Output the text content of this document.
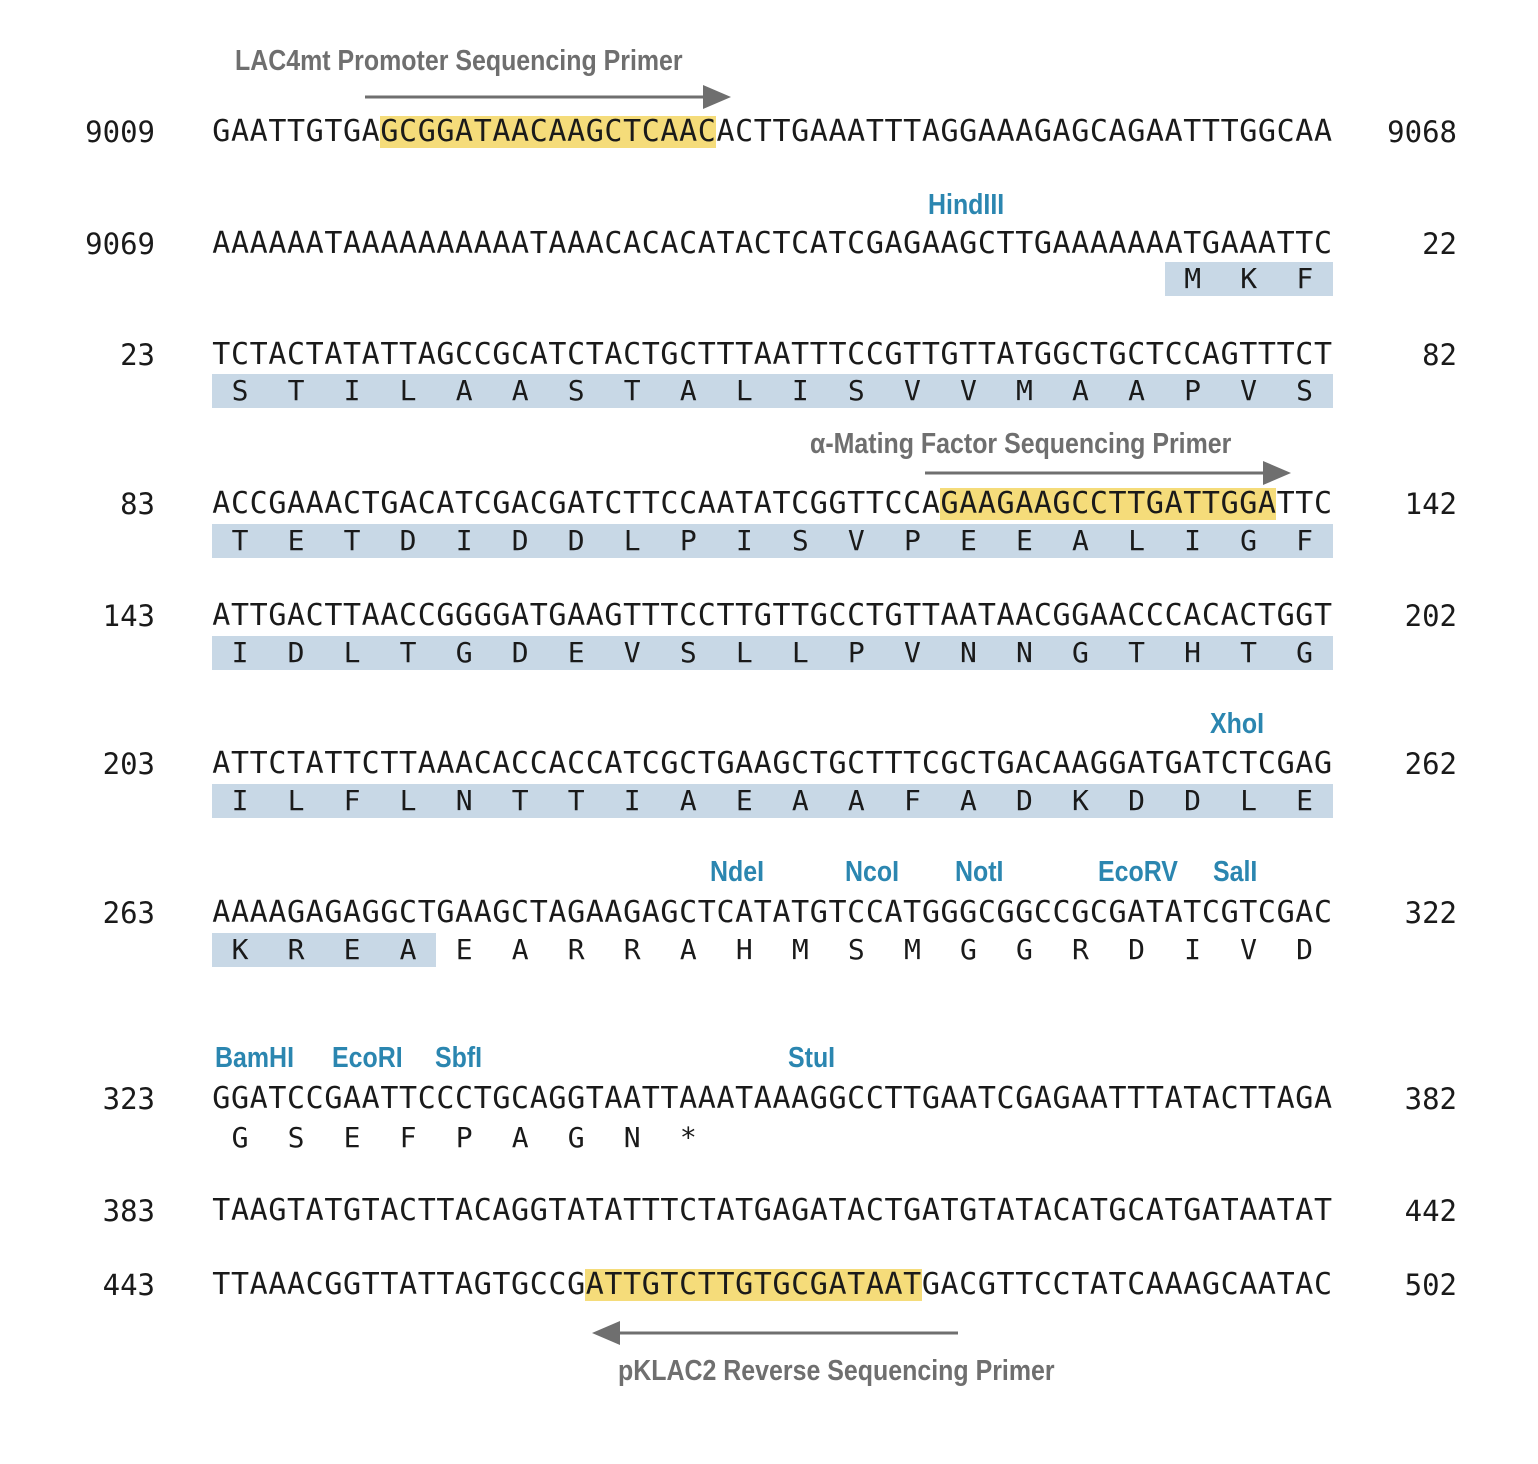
LAC4mt Promoter Sequencing Primer
α-Mating Factor Sequencing Primer
pKLAC2 Reverse Sequencing Primer
HindIII
XhoI
NdeI	NcoI NotI	EcoRV SalI
BamHI EcoRI SbfI	StuI
9009 GAATTGTGAGCGGATAACAAGCTCAACACTTGAAATTTAGGAAAGAGCAGAATTTGGCAA	9068
9069 AAAAAATAAAAAAAAAATAAACACACATACTCATCGAGAAGCTTGAAAAAAATGAAATTC	22
M K F
23 TCTACTATATTAGCCGCATCTACTGCTTTAATTTCCGTTGTTATGGCTGCTCCAGTTTCT	82
S T I L A A S T A L I S V V M A A P V S
83 ACCGAAACTGACATCGACGATCTTCCAATATCGGTTCCAGAAGAAGCCTTGATTGGATTC	142
T E T D I D D L P I S V P E E A L I G F
143 ATTGACTTAACCGGGGATGAAGTTTCCTTGTTGCCTGTTAATAACGGAACCCACACTGGT	202
I D L T G D E V S L L P V N N G T H T G
203 ATTCTATTCTTAAACACCACCATCGCTGAAGCTGCTTTCGCTGACAAGGATGATCTCGAG	262
I L F L N T T I A E A A F A D K D D L E
263 AAAAGAGAGGCTGAAGCTAGAAGAGCTCATATGTCCATGGGCGGCCGCGATATCGTCGAC	322
K R E A E A R R A H M S M G G R D I V D
323 GGATCCGAATTCCCTGCAGGTAATTAAATAAAGGCCTTGAATCGAGAATTTATACTTAGA	382
G S E F P A G N *
383 TAAGTATGTACTTACAGGTATATTTCTATGAGATACTGATGTATACATGCATGATAATAT	442
443 TTAAACGGTTATTAGTGCCGATTGTCTTGTGCGATAATGACGTTCCTATCAAAGCAATAC	502
